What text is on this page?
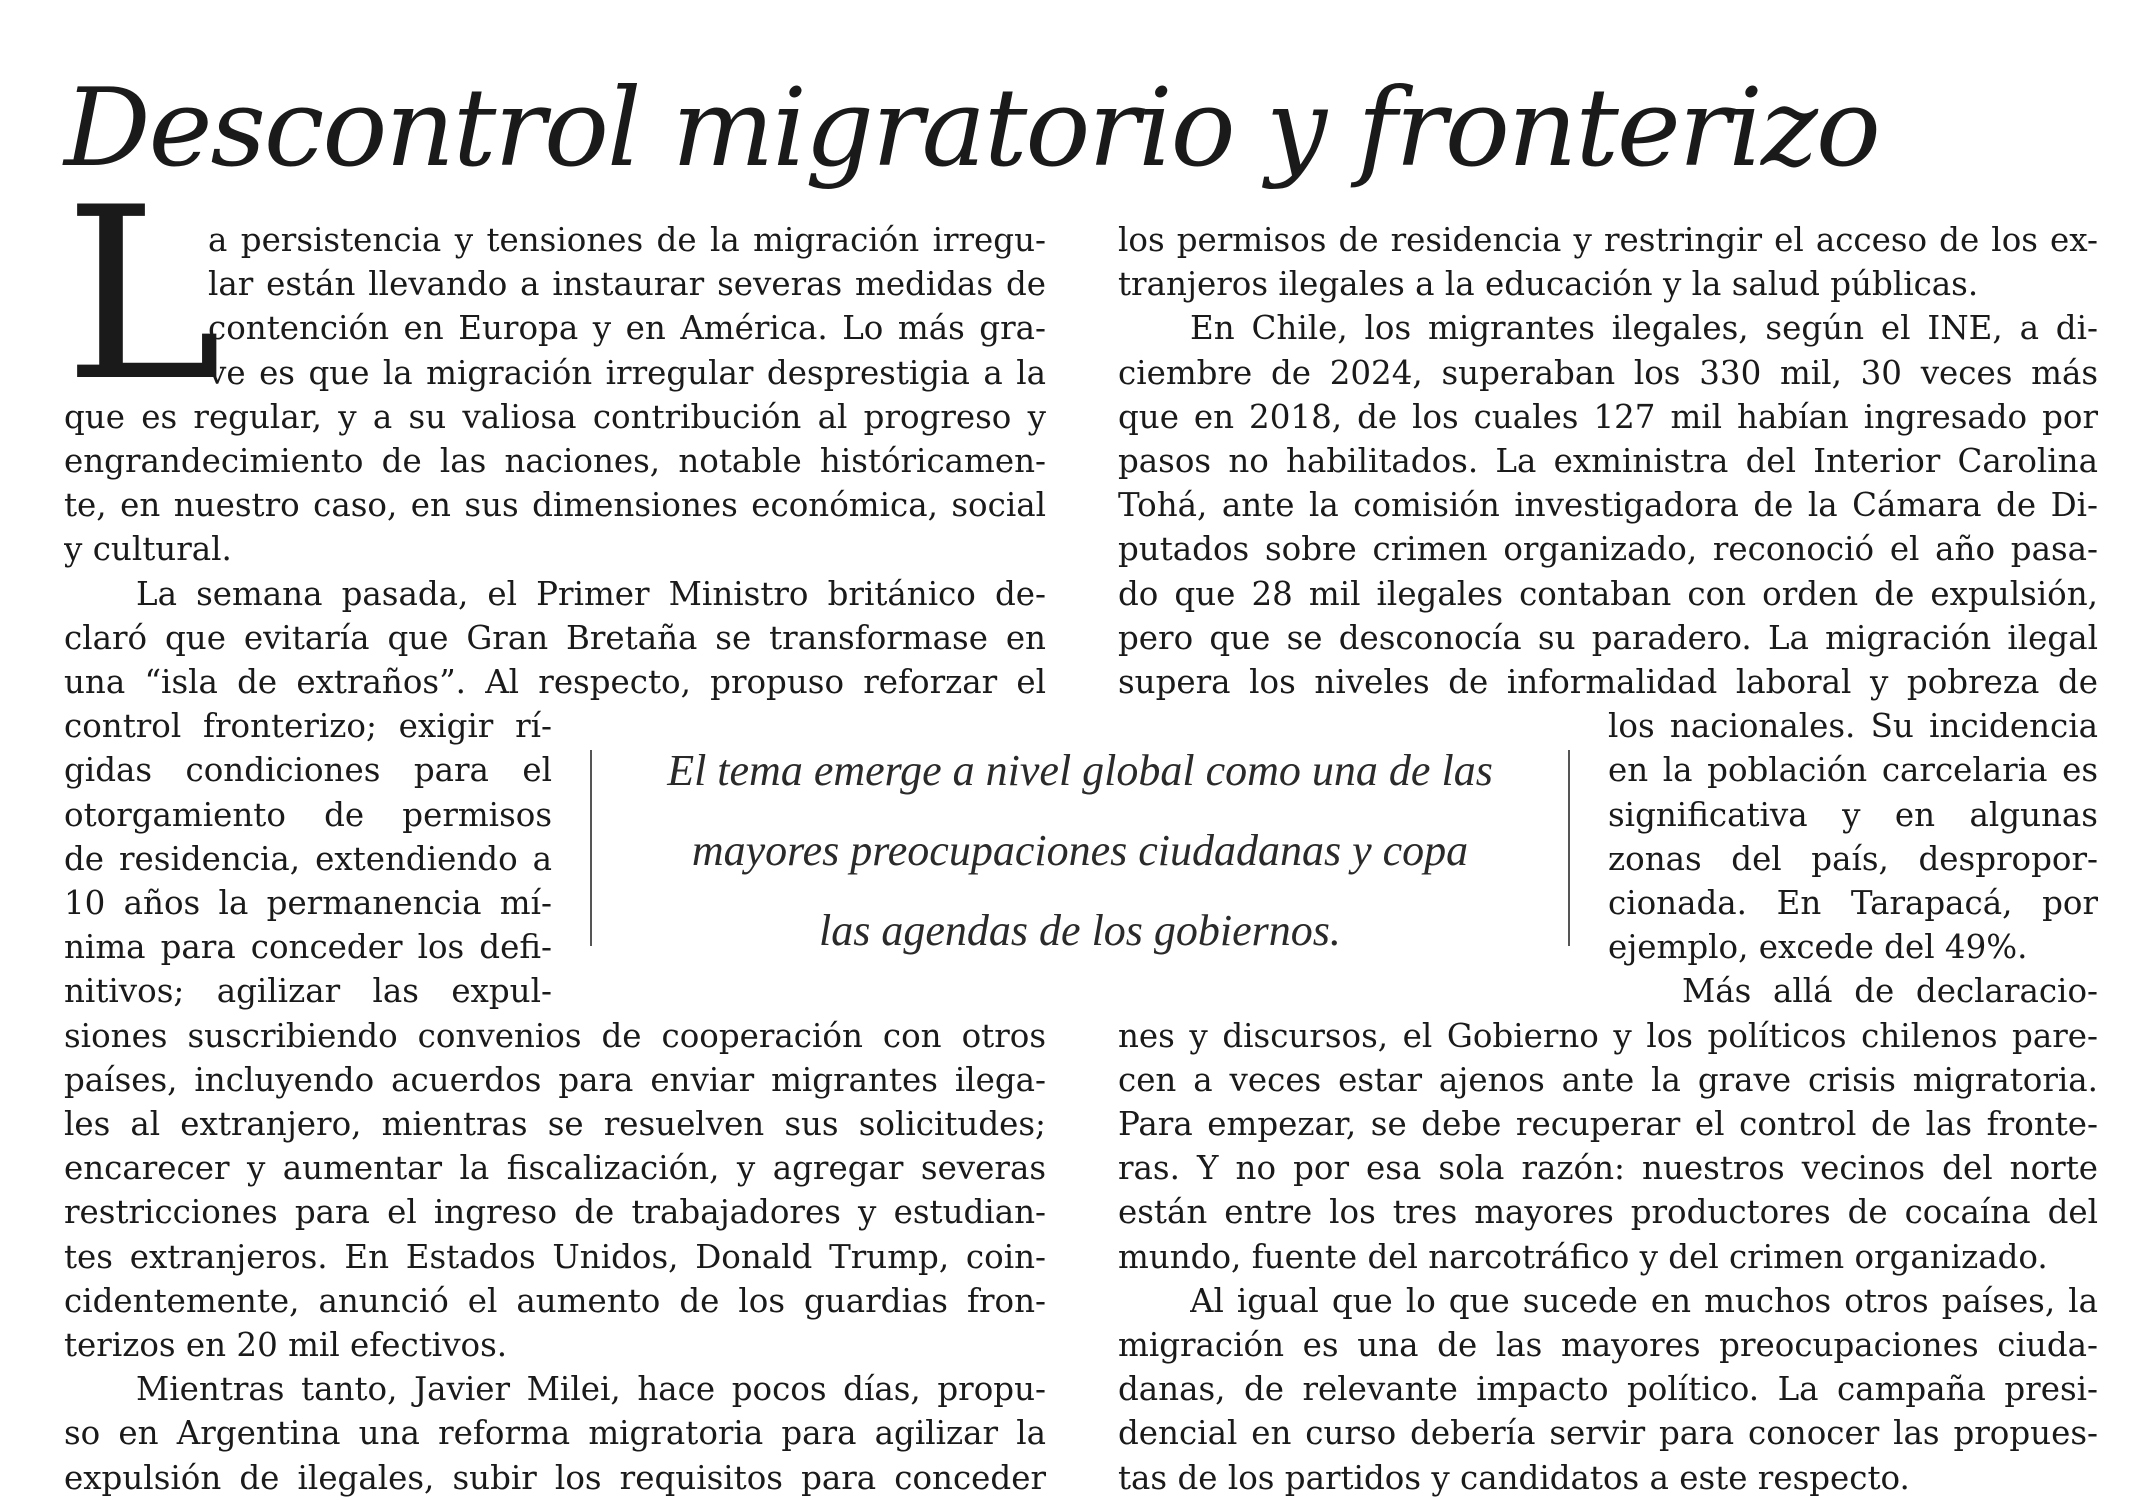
Descontrol migratorio y fronterizo
L
a persistencia y tensiones de la migración irregu-
lar están llevando a instaurar severas medidas de
contención en Europa y en América. Lo más gra-
ve es que la migración irregular desprestigia a la
que es regular, y a su valiosa contribución al progreso y
engrandecimiento de las naciones, notable históricamen-
te, en nuestro caso, en sus dimensiones económica, social
y cultural.
La semana pasada, el Primer Ministro británico de-
claró que evitaría que Gran Bretaña se transformase en
una “isla de extraños”. Al respecto, propuso reforzar el
control fronterizo; exigir rí-
gidas condiciones para el
otorgamiento de permisos
de residencia, extendiendo a
10 años la permanencia mí-
nima para conceder los defi-
nitivos; agilizar las expul-
siones suscribiendo convenios de cooperación con otros
países, incluyendo acuerdos para enviar migrantes ilega-
les al extranjero, mientras se resuelven sus solicitudes;
encarecer y aumentar la fiscalización, y agregar severas
restricciones para el ingreso de trabajadores y estudian-
tes extranjeros. En Estados Unidos, Donald Trump, coin-
cidentemente, anunció el aumento de los guardias fron-
terizos en 20 mil efectivos.
Mientras tanto, Javier Milei, hace pocos días, propu-
so en Argentina una reforma migratoria para agilizar la
expulsión de ilegales, subir los requisitos para conceder
los permisos de residencia y restringir el acceso de los ex-
tranjeros ilegales a la educación y la salud públicas.
En Chile, los migrantes ilegales, según el INE, a di-
ciembre de 2024, superaban los 330 mil, 30 veces más
que en 2018, de los cuales 127 mil habían ingresado por
pasos no habilitados. La exministra del Interior Carolina
Tohá, ante la comisión investigadora de la Cámara de Di-
putados sobre crimen organizado, reconoció el año pasa-
do que 28 mil ilegales contaban con orden de expulsión,
pero que se desconocía su paradero. La migración ilegal
supera los niveles de informalidad laboral y pobreza de
los nacionales. Su incidencia
en la población carcelaria es
significativa y en algunas
zonas del país, despropor-
cionada. En Tarapacá, por
ejemplo, excede del 49%.
Más allá de declaracio-
nes y discursos, el Gobierno y los políticos chilenos pare-
cen a veces estar ajenos ante la grave crisis migratoria.
Para empezar, se debe recuperar el control de las fronte-
ras. Y no por esa sola razón: nuestros vecinos del norte
están entre los tres mayores productores de cocaína del
mundo, fuente del narcotráfico y del crimen organizado.
Al igual que lo que sucede en muchos otros países, la
migración es una de las mayores preocupaciones ciuda-
danas, de relevante impacto político. La campaña presi-
dencial en curso debería servir para conocer las propues-
tas de los partidos y candidatos a este respecto.
El tema emerge a nivel global como una de las
mayores preocupaciones ciudadanas y copa
las agendas de los gobiernos.
